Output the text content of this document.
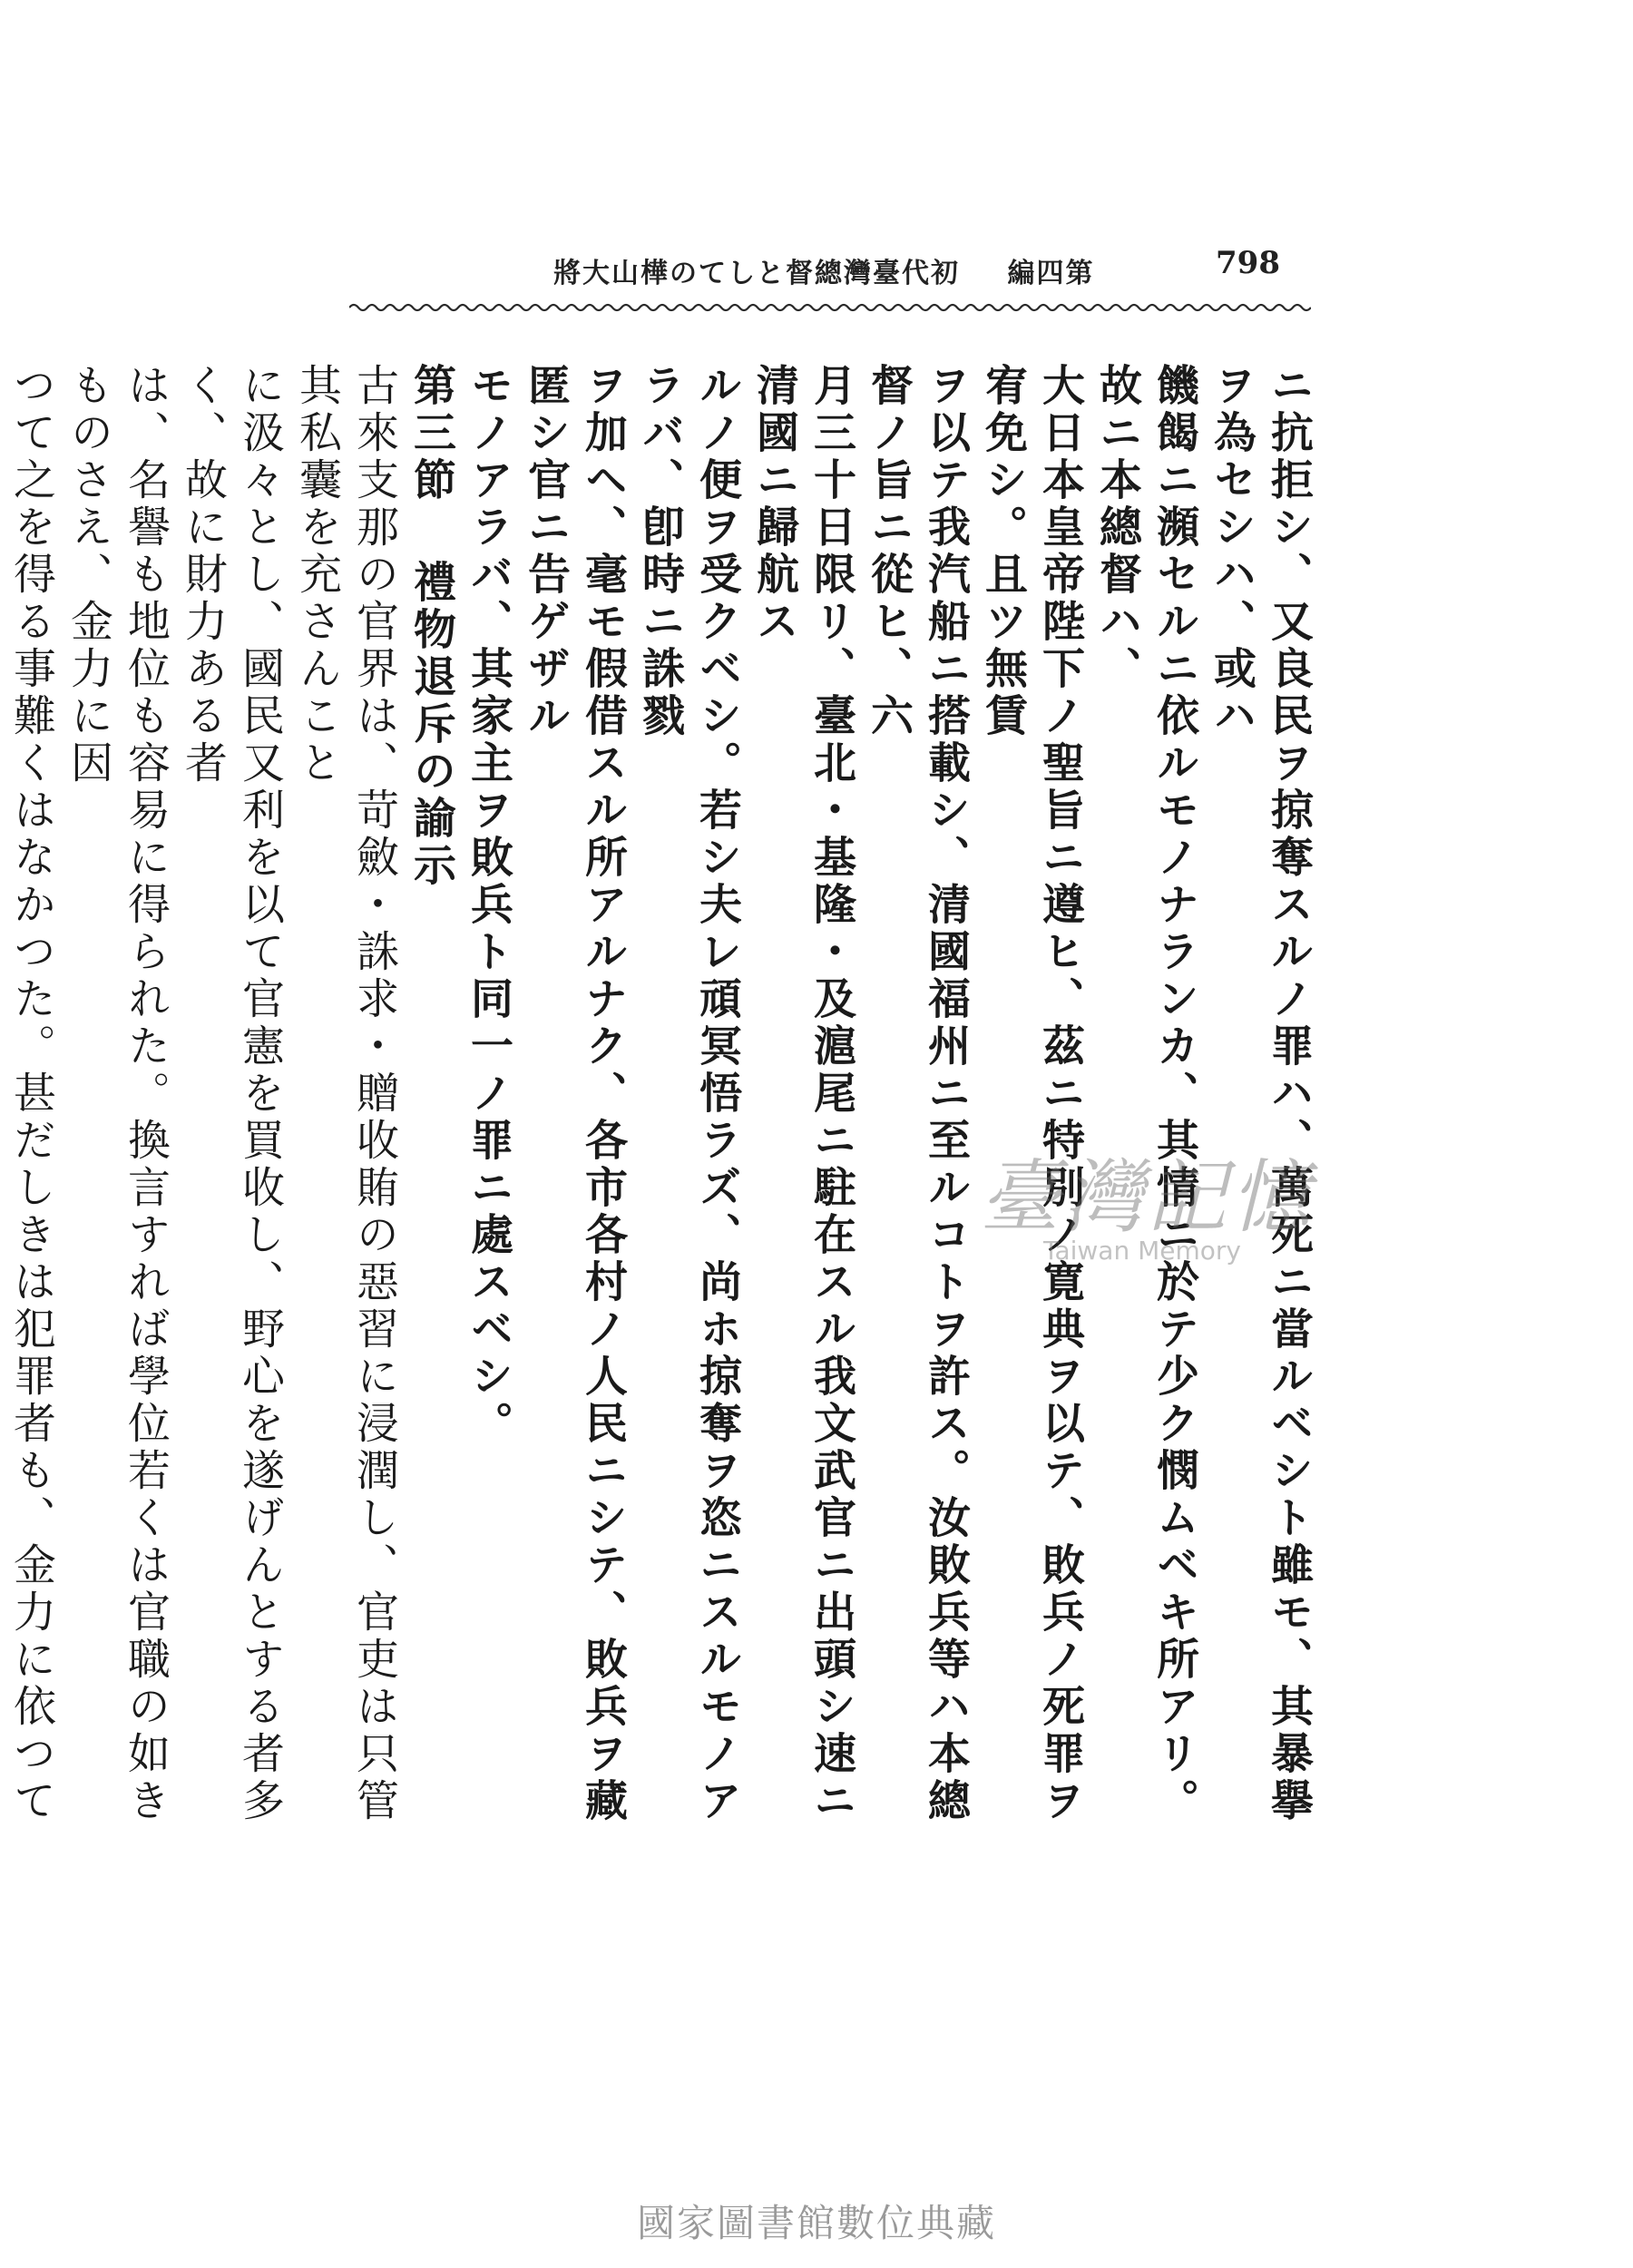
798
第四編 初代臺灣總督としての樺山大將

ニ抗拒シ、又良民ヲ掠奪スルノ罪ハ、萬死ニ當ルベシト雖モ、其暴擧ヲ為セシハ、或ハ

饑餲ニ瀕セルニ依ルモノナランカ、其情ニ於テ少ク憫ムベキ所アリ。故ニ本總督ハ、

大日本皇帝陛下ノ聖旨ニ遵ヒ、茲ニ特別ノ寛典ヲ以テ、敗兵ノ死罪ヲ宥免シ。且ツ無賃

ヲ以テ我汽船ニ搭載シ、清國福州ニ至ルコトヲ許ス。汝敗兵等ハ本總督ノ旨ニ從ヒ、六

月三十日限リ、臺北・基隆・及滬尾ニ駐在スル我文武官ニ出頭シ速ニ清國ニ歸航ス

ルノ便ヲ受クベシ。若シ夫レ頑冥悟ラズ、尚ホ掠奪ヲ恣ニスルモノアラバ、卽時ニ誅戮

ヲ加ヘ、毫モ假借スル所アルナク、各市各村ノ人民ニシテ、敗兵ヲ藏匿シ官ニ告ゲザル

モノアラバ、其家主ヲ敗兵ト同一ノ罪ニ處スベシ。

第三節 禮物退斥の諭示

古來支那の官界は、苛斂・誅求・贈收賄の惡習に浸潤し、官吏は只管其私囊を充さんこと

に汲々とし、國民又利を以て官憲を買收し、野心を遂げんとする者多く、故に財力ある者

は、名譽も地位も容易に得られた。換言すれば學位若くは官職の如きものさえ、金力に因

つて之を得る事難くはなかつた。甚だしきは犯罪者も、金力に依つて

臺灣記憶
Taiwan Memory
國家圖書館數位典藏
